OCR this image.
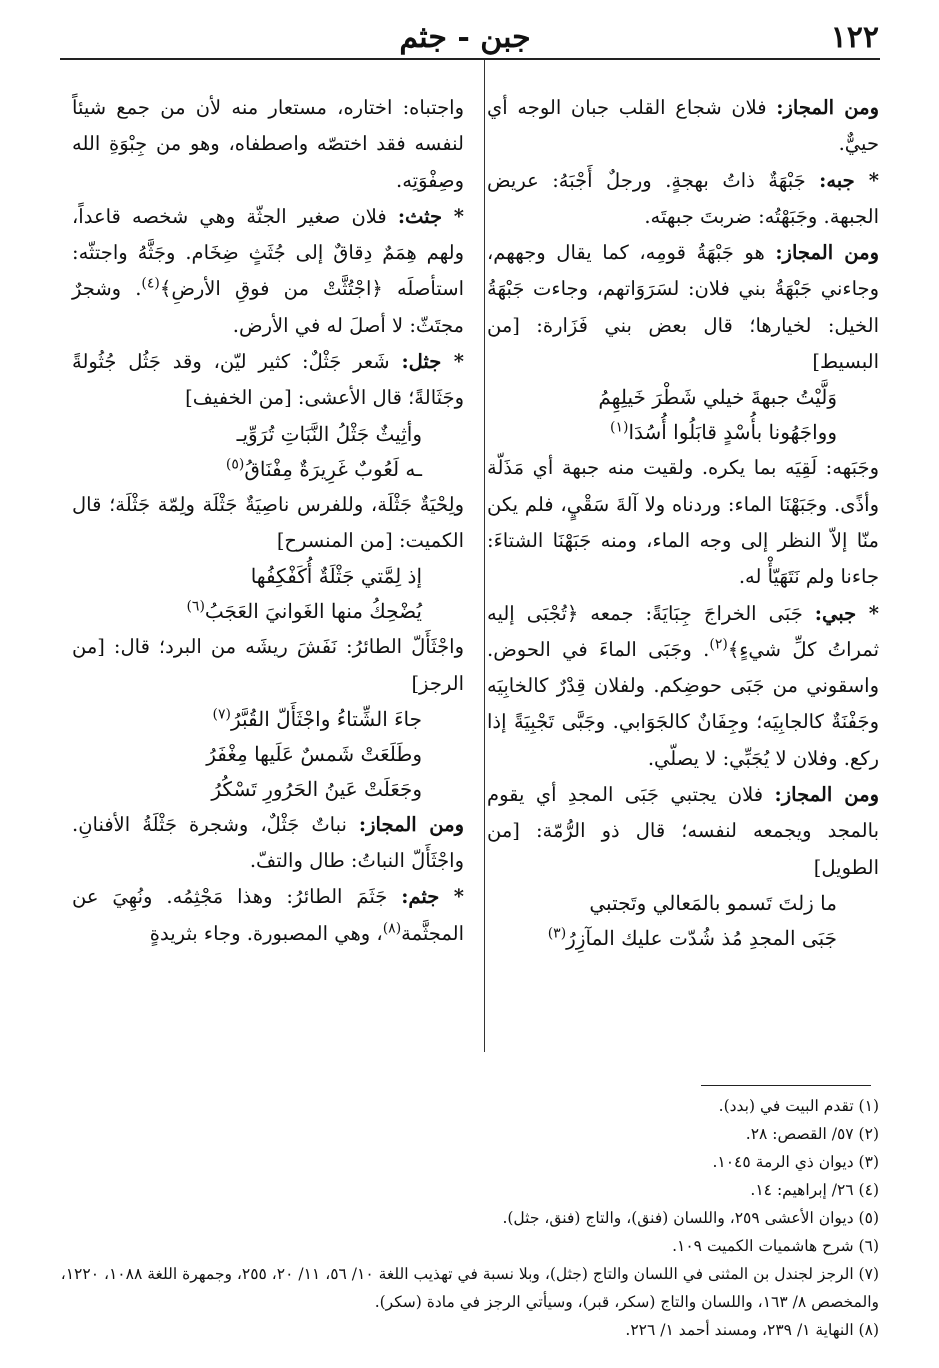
١٢٢
جبن - جثم

ومن المجاز: فلان شجاع القلب جبان الوجه أي حييٌّ.

* جبه: جَبْهَةٌ ذاتُ بهجةٍ. ورجلٌ أَجْبَهُ: عريض الجبهة. وجَبَهْتُه: ضربتَ جبهتَه.

ومن المجاز: هو جَبْهَةُ قومِه، كما يقال وجههم، وجاءني جَبْهَةُ بني فلان: لسَرَوَاتهم، وجاءت جَبْهَةُ الخيل: لخيارها؛ قال بعض بني فَزَارة: [من البسيط]

وَلَّيْتُ جبهةَ خيلي شَطْرَ خَيلِهِمُ

وواجَهُونا بأُسْدٍ قابَلُوا أُسُدَا$^{(١)}$

وجَبَهه: لَقِيَه بما يكره. ولقيت منه جبهة أي مَذَلّة وأذًى. وجَبَهْنَا الماء: وردناه ولا آلةَ سَقْيٍ، فلم يكن منّا إلاّ النظر إلى وجه الماء، ومنه جَبَهْنَا الشتاءَ: جاءنا ولم نَتَهَيّأْ له.

* جبي: جَبَى الخراجَ جِبَايَةً: جمعه ﴿تُجْبَى إليه ثمراتُ كلِّ شيءٍ﴾$^{(٢)}$. وجَبَى الماءَ في الحوض. واسقوني من جَبَى حوضِكم. ولفلان قِدْرٌ كالخابِيَه وجَفْنَةٌ كالجابِيَه؛ وجِفَانٌ كالجَوَابي. وجَبَّى تَجْبِيَةً إذا ركع. وفلان لا يُجَبِّي: لا يصلّي.

ومن المجاز: فلان يجتبي جَبَى المجدِ أي يقوم بالمجد ويجمعه لنفسه؛ قال ذو الرُّمّة: [من الطويل]

ما زلتَ تَسمو بالمَعالي وتَجتبي

جَبَى المجدِ مُذ شُدّت عليك المآزِرُ$^{(٣)}$

واجتباه: اختاره، مستعار منه لأن من جمع شيئاً لنفسه فقد اختصّه واصطفاه، وهو من جِبْوَةِ الله وصِفْوَتِه.

* جثث: فلان صغير الجثّة وهي شخصه قاعداً، ولهم هِمَمٌ دِقاقٌ إلى جُثَثٍ ضِخَام. وجَثَّهُ واجتثّه: استأصلَه ﴿اجْتُثَّتْ من فوقِ الأرضِ﴾$^{(٤)}$. وشجرٌ مجتَثّ: لا أصلَ له في الأرض.

* جثل: شَعر جَثْلٌ: كثير ليّن، وقد جَثُل جُثُولةً وجَثَالةً؛ قال الأعشى: [من الخفيف]

وأثِيثٌ جَثْلُ النَّبَاتِ تُرَوِّيـ

ـه لَعُوبٌ غَرِيرَةٌ مِفْنَاقُ$^{(٥)}$

ولِحْيَةٌ جَثْلَة، وللفرس ناصِيَةٌ جَثْلَة ولِمّة جَثْلَة؛ قال الكميت: [من المنسرح]

إذ لِمَّتي جَثْلَةٌ أُكَفْكِفُها

يُضْحِكُ منها الغَوانيَ العَجَبُ$^{(٦)}$

واجْثَأَلّ الطائرُ: نَفَشَ ريشَه من البرد؛ قال: [من الرجز]

جاءَ الشِّتاءُ واجْثَأَلّ القُبَّرُ$^{(٧)}$

وطَلَعَتْ شَمسٌ عَلَيها مِغْفَرُ

وجَعَلَتْ عَينُ الحَرُورِ تَسْكُرُ

ومن المجاز: نباتٌ جَثْلٌ، وشجرة جَثْلَةُ الأفنانِ. واجْثَأَلّ النباتُ: طال والتفّ.

* جثم: جَثَمَ الطائرُ: وهذا مَجْثِمُه. ونُهِيَ عن المجثَّمة$^{(٨)}$، وهي المصبورة. وجاء بثريدةٍ

(١) تقدم البيت في (بدد).

(٢) ٥٧/ القصص: ٢٨.

(٣) ديوان ذي الرمة ١٠٤٥.

(٤) ٢٦/ إبراهيم: ١٤.

(٥) ديوان الأعشى ٢٥٩، واللسان (فنق)، والتاج (فنق، جثل).

(٦) شرح هاشميات الكميت ١٠٩.

(٧) الرجز لجندل بن المثنى في اللسان والتاج (جثل)، وبلا نسبة في تهذيب اللغة ١٠/ ٥٦، ١١/ ٢٠، ٢٥٥، وجمهرة اللغة ١٠٨٨، ١٢٢٠، والمخصص ٨/ ١٦٣، واللسان والتاج (سكر، قبر)، وسيأتي الرجز في مادة (سكر).

(٨) النهاية ١/ ٢٣٩، ومسند أحمد ١/ ٢٢٦.
